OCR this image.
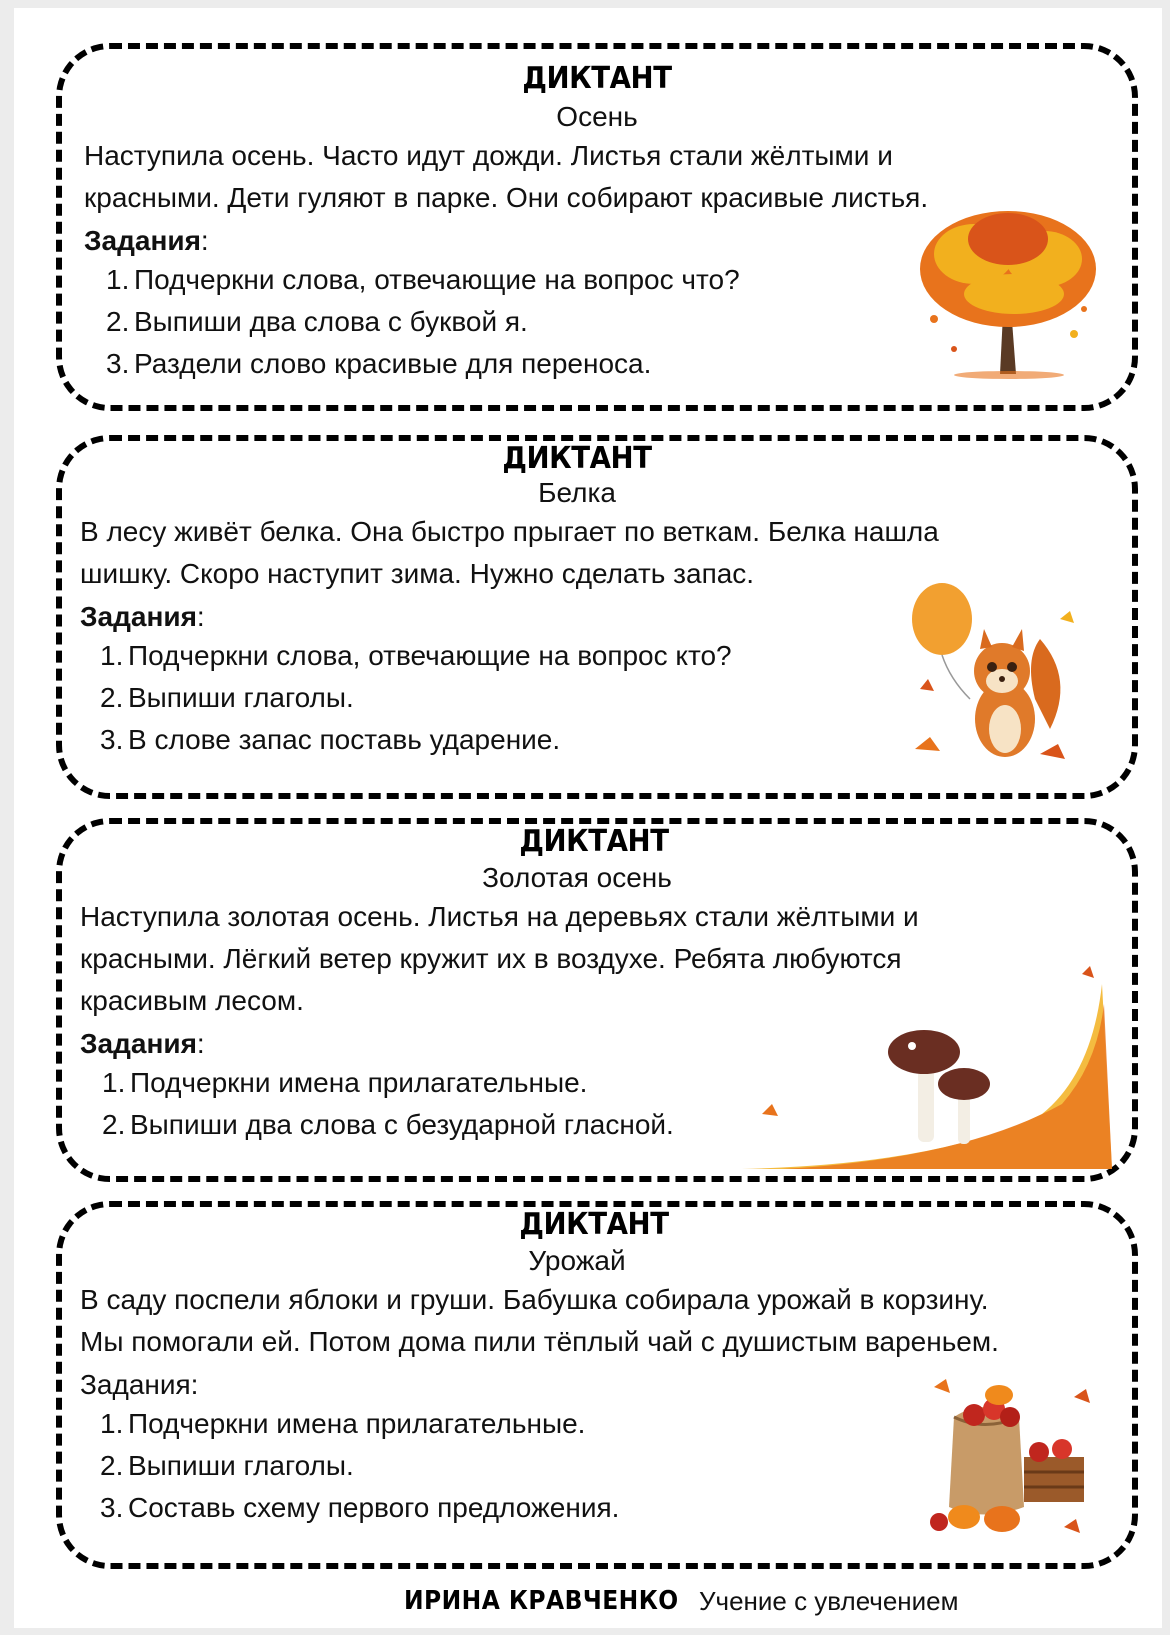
ДИКТАНТ
Осень
Наступила осень. Часто идут дожди. Листья стали жёлтыми и
красными. Дети гуляют в парке. Они собирают красивые листья.
Задания:
1. Подчеркни слова, отвечающие на вопрос что?
2. Выпиши два слова с буквой я.
3. Раздели слово красивые для переноса.
ДИКТАНТ
Белка
В лесу живёт белка. Она быстро прыгает по веткам. Белка нашла
шишку. Скоро наступит зима. Нужно сделать запас.
Задания:
1. Подчеркни слова, отвечающие на вопрос кто?
2. Выпиши глаголы.
3. В слове запас поставь ударение.
ДИКТАНТ
Золотая осень
Наступила золотая осень. Листья на деревьях стали жёлтыми и
красными. Лёгкий ветер кружит их в воздухе. Ребята любуются
красивым лесом.
Задания:
1. Подчеркни имена прилагательные.
2. Выпиши два слова с безударной гласной.
ДИКТАНТ
Урожай
В саду поспели яблоки и груши. Бабушка собирала урожай в корзину.
Мы помогали ей. Потом дома пили тёплый чай с душистым вареньем.
Задания:
1. Подчеркни имена прилагательные.
2. Выпиши глаголы.
3. Составь схему первого предложения.
ИРИНА КРАВЧЕНКО Учение с увлечением
